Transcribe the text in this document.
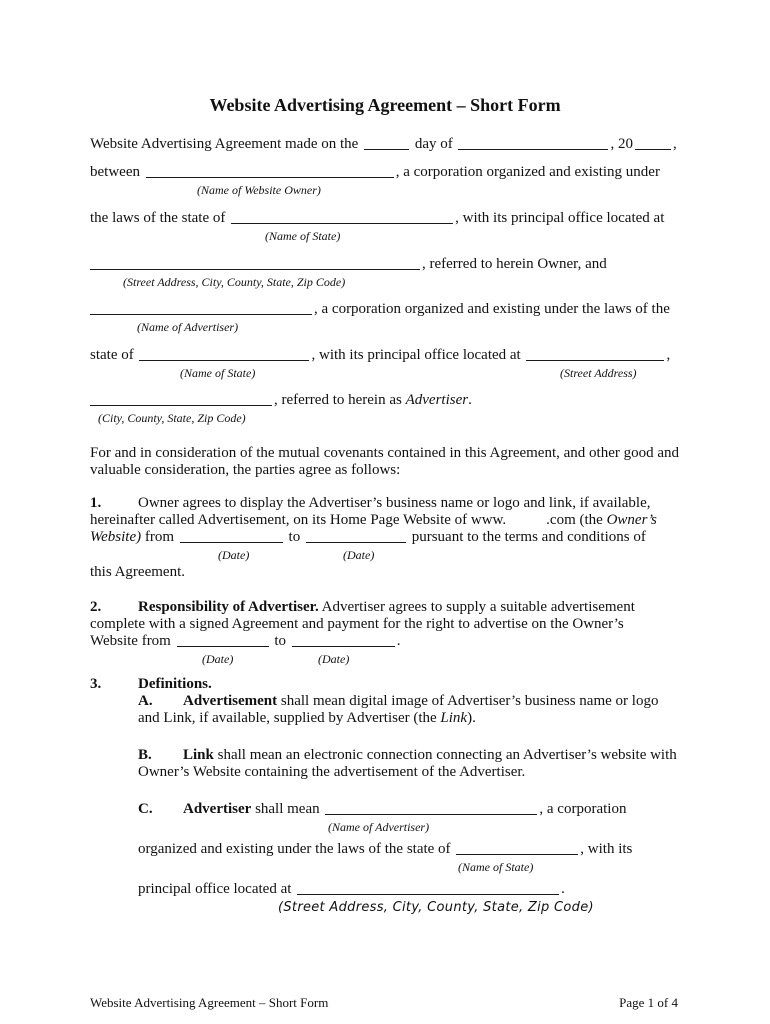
Website Advertising Agreement – Short Form
Website Advertising Agreement made on the	day of	, 20	,
between	, a corporation organized and existing under
(Name of Website Owner)
the laws of the state of	, with its principal office located at
(Name of State)
, referred to herein Owner, and
(Street Address, City, County, State, Zip Code)
, a corporation organized and existing under the laws of the
(Name of Advertiser)
state of	, with its principal office located at	,
(Name of State)	(Street Address)
, referred to herein as Advertiser.
(City, County, State, Zip Code)
For and in consideration of the mutual covenants contained in this Agreement, and other good and valuable consideration, the parties agree as follows:
1. Owner agrees to display the Advertiser’s business name or logo and link, if available,
hereinafter called Advertisement, on its Home Page Website of www.	.com (the Owner’s
Website) from	to	pursuant to the terms and conditions of
(Date)	(Date)
this Agreement.
2. Responsibility of Advertiser. Advertiser agrees to supply a suitable advertisement
complete with a signed Agreement and payment for the right to advertise on the Owner’s
Website from	to	.
(Date)	(Date)
3. Definitions.
A. Advertisement shall mean digital image of Advertiser’s business name or logo
and Link, if available, supplied by Advertiser (the Link).
B. Link shall mean an electronic connection connecting an Advertiser’s website with
Owner’s Website containing the advertisement of the Advertiser.
C. Advertiser shall mean	, a corporation
(Name of Advertiser)
organized and existing under the laws of the state of	, with its
(Name of State)
principal office located at	.
(Street Address, City, County, State, Zip Code)
Website Advertising Agreement – Short Form	Page 1 of 4
